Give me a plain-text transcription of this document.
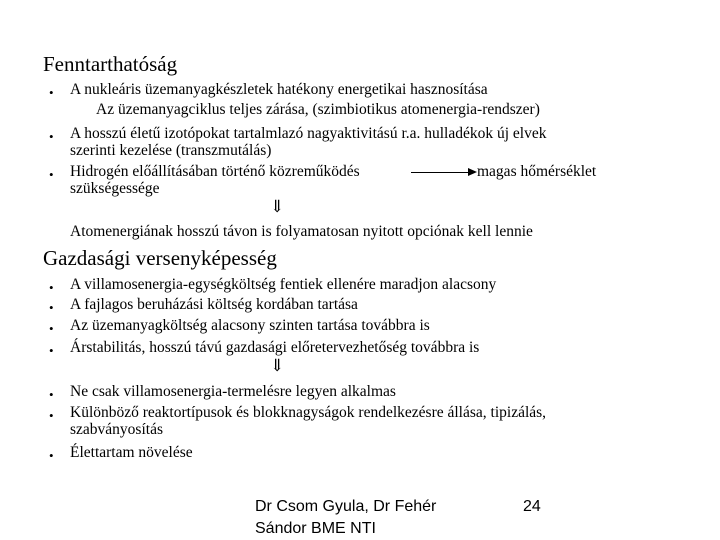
Fenntarthatóság
• A nukleáris üzemanyagkészletek hatékony energetikai hasznosítása
Az üzemanyagciklus teljes zárása, (szimbiotikus atomenergia-rendszer)
• A hosszú életű izotópokat tartalmlazó nagyaktivitású r.a. hulladékok új elvek
szerinti kezelése (transzmutálás)
• Hidrogén előállításában történő közreműködés	magas hőmérséklet
szükségessége
⇓
Atomenergiának hosszú távon is folyamatosan nyitott opciónak kell lennie
Gazdasági versenyképesség
• A villamosenergia-egységköltség fentiek ellenére maradjon alacsony
• A fajlagos beruházási költség kordában tartása
• Az üzemanyagköltség alacsony szinten tartása továbbra is
• Árstabilitás, hosszú távú gazdasági előretervezhetőség továbbra is
⇓
• Ne csak villamosenergia-termelésre legyen alkalmas
• Különböző reaktortípusok és blokknagyságok rendelkezésre állása, tipizálás,
szabványosítás
• Élettartam növelése
Dr Csom Gyula, Dr Fehér
Sándor BME NTI
24
